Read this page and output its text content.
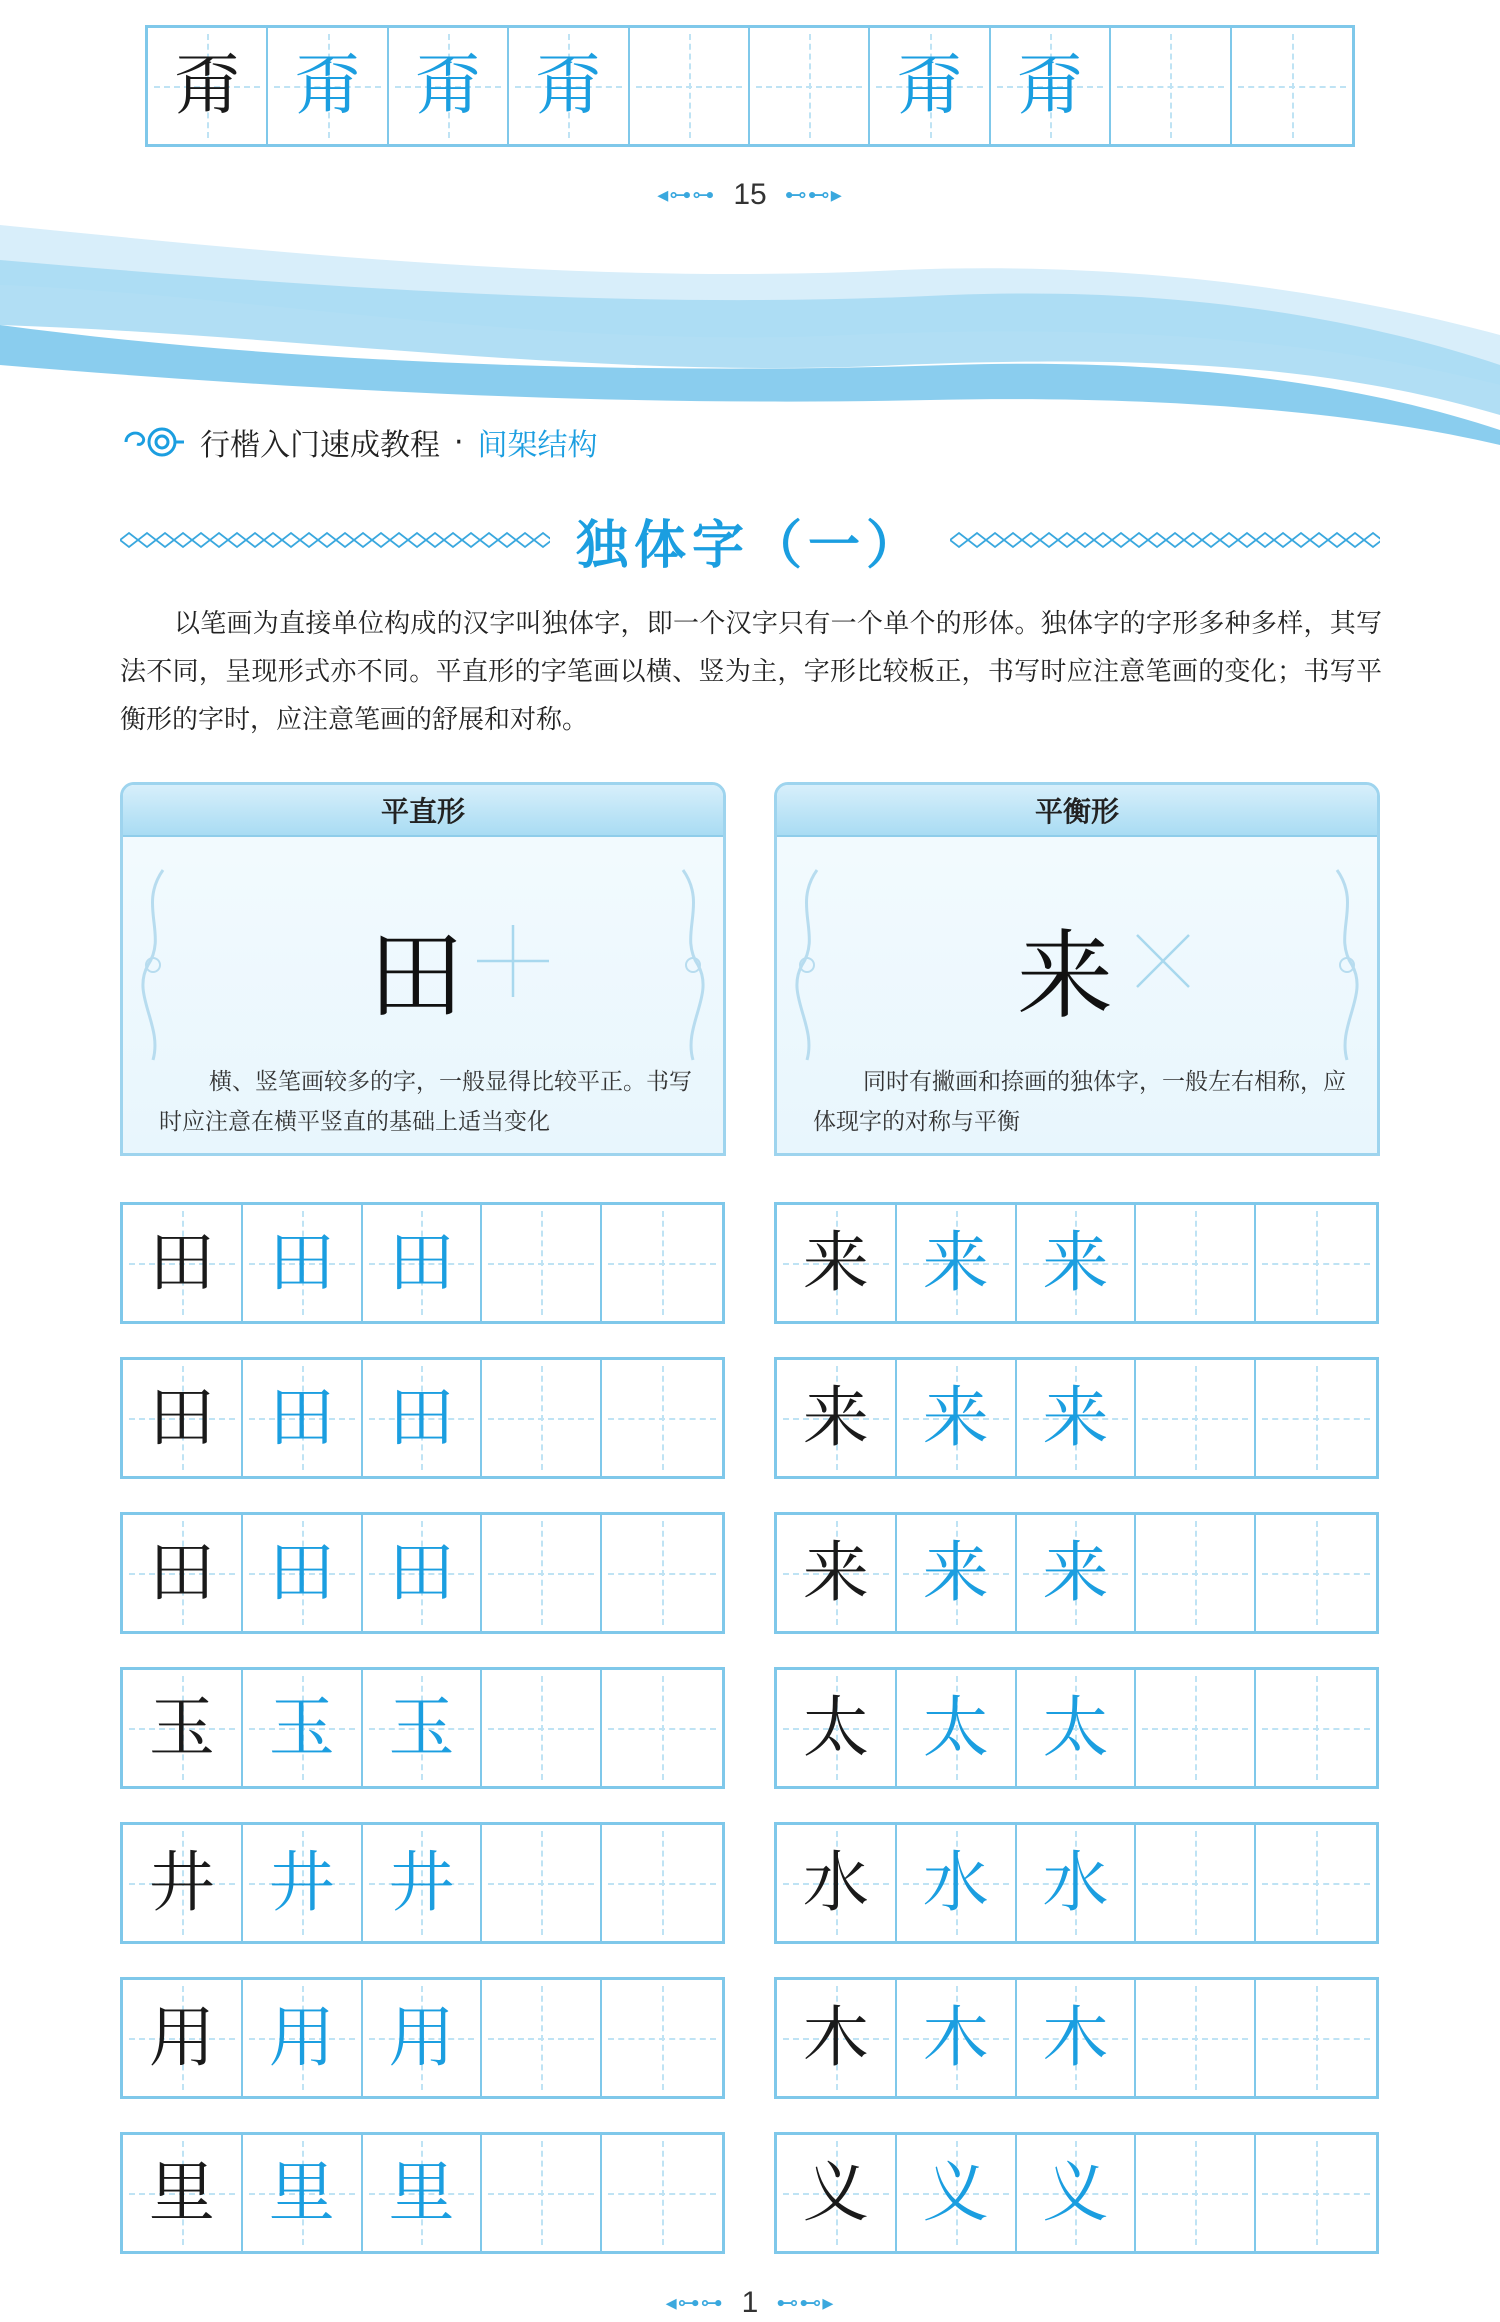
甭 甭 甭 甭	甭 甭
◂⊶⊶ 15 ⊷⊷▸
行楷入门速成教程 · 间架结构
独体字（一）
以笔画为直接单位构成的汉字叫独体字，即一个汉字只有一个单个的形体。独体字的字形多种多样，其写法不同，呈现形式亦不同。平直形的字笔画以横、竖为主，字形比较板正，书写时应注意笔画的变化；书写平衡形的字时，应注意笔画的舒展和对称。
平直形
田
横、竖笔画较多的字，一般显得比较平正。书写时应注意在横平竖直的基础上适当变化
平衡形
来
同时有撇画和捺画的独体字，一般左右相称，应体现字的对称与平衡
田 田 田
田 田 田
田 田 田
玉 玉 玉
井 井 井
用 用 用
里 里 里
来 来 来
来 来 来
来 来 来
太 太 太
水 水 水
木 木 木
义 义 义
◂⊶⊶ 1 ⊷⊷▸
